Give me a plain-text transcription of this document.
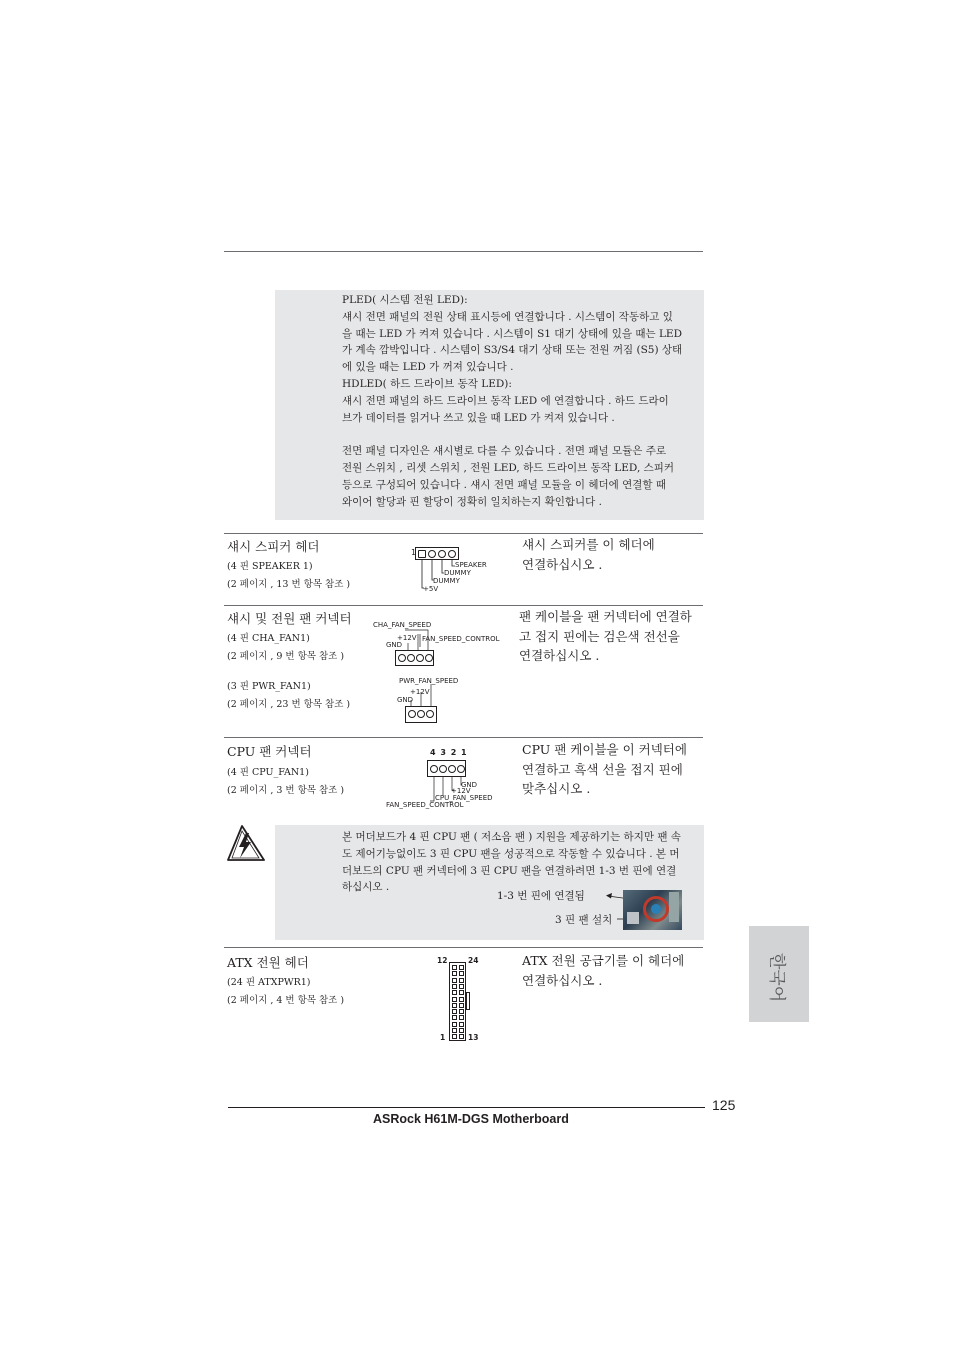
PLED( 시스템 전원 LED):
섀시 전면 패널의 전원 상태 표시등에 연결합니다 . 시스템이 작동하고 있
을 때는 LED 가 켜져 있습니다 . 시스템이 S1 대기 상태에 있을 때는 LED
가 계속 깜박입니다 . 시스템이 S3/S4 대기 상태 또는 전원 꺼짐 (S5) 상태
에 있을 때는 LED 가 꺼져 있습니다 .
HDLED( 하드 드라이브 동작 LED):
섀시 전면 패널의 하드 드라이브 동작 LED 에 연결합니다 . 하드 드라이
브가 데이터를 읽거나 쓰고 있을 때 LED 가 켜져 있습니다 .
전면 패널 디자인은 섀시별로 다를 수 있습니다 . 전면 패널 모듈은 주로
전원 스위치 , 리셋 스위치 , 전원 LED, 하드 드라이브 동작 LED, 스피커
등으로 구성되어 있습니다 . 섀시 전면 패널 모듈을 이 헤더에 연결할 때
와이어 할당과 핀 할당이 정확히 일치하는지 확인합니다 .
섀시 스피커 헤더
(4 핀 SPEAKER 1)
(2 페이지 , 13 번 항목 참조 )
섀시 스피커를 이 헤더에
연결하십시오 .
1
SPEAKER
DUMMY
DUMMY
+5V
섀시 및 전원 팬 커넥터
(4 핀 CHA_FAN1)
(2 페이지 , 9 번 항목 참조 )
(3 핀 PWR_FAN1)
(2 페이지 , 23 번 항목 참조 )
팬 케이블을 팬 커넥터에 연결하
고 접지 핀에는 검은색 전선을
연결하십시오 .
CHA_FAN_SPEED
+12V
GND
FAN_SPEED_CONTROL
PWR_FAN_SPEED
+12V
GND
CPU 팬 커넥터
(4 핀 CPU_FAN1)
(2 페이지 , 3 번 항목 참조 )
CPU 팬 케이블을 이 커넥터에
연결하고 흑색 선을 접지 핀에
맞추십시오 .
4 3 2 1
GND
+12V
CPU_FAN_SPEED
FAN_SPEED_CONTROL
본 머더보드가 4 핀 CPU 팬 ( 저소음 팬 ) 지원을 제공하기는 하지만 팬 속
도 제어기능없이도 3 핀 CPU 팬을 성공적으로 작동할 수 있습니다 . 본 머
더보드의 CPU 팬 커넥터에 3 핀 CPU 팬을 연결하려면 1-3 번 핀에 연결
하십시오 .
1-3 번 핀에 연결됨
3 핀 팬 설치
ATX 전원 헤더
(24 핀 ATXPWR1)
(2 페이지 , 4 번 항목 참조 )
ATX 전원 공급기를 이 헤더에
연결하십시오 .
12	24
1	13
한국어
125
ASRock H61M-DGS Motherboard
